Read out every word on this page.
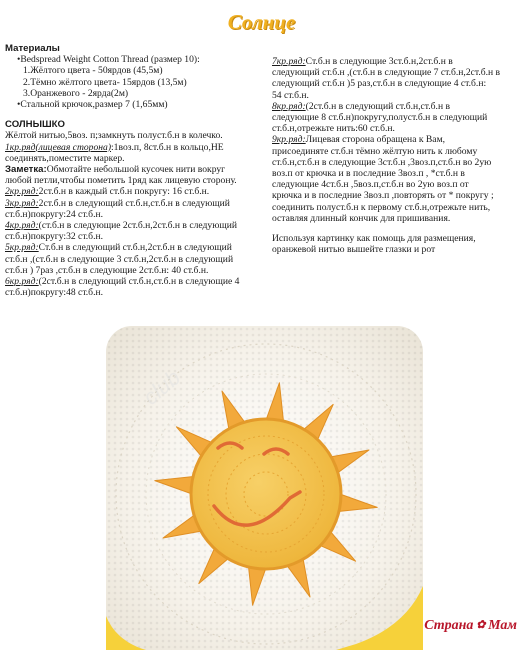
Солнце
Материалы
•Bedspread Weight Cotton Thread (размер 10):
1.Жёлтого цвета - 50ярдов (45,5м)
2.Тёмно жёлтого цвета- 15ярдов (13,5м)
3.Оранжевого - 2ярда(2м)
•Стальной крючок,размер 7 (1,65мм)
СОЛНЫШКО
Жёлтой нитью,5воз. п;замкнуть полуст.б.н в колечко.
1кр.ряд(лицевая сторона):1воз.п, 8ст.б.н в кольцо,НЕ
соединять,поместите маркер.
Заметка:Обмотайте небольшой кусочек нити вокруг
любой петли,чтобы пометить 1ряд как лицевую сторону.
2кр.ряд:2ст.б.н в каждый ст.б.н покругу: 16 ст.б.н.
3кр.ряд:2ст.б.н в следующий ст.б.н,ст.б.н в следующий
ст.б.н)покругу:24 ст.б.н.
4кр.ряд:(ст.б.н в следующие 2ст.б.н,2ст.б.н в следующий
ст.б.н)покругу:32 ст.б.н.
5кр.ряд:Ст.б.н в следующий ст.б.н,2ст.б.н в следующий
ст.б.н ,(ст.б.н в следующие 3 ст.б.н,2ст.б.н в следующий
ст.б.н ) 7раз ,ст.б.н в следующие 2ст.б.н: 40 ст.б.н.
6кр.ряд:(2ст.б.н в следующий ст.б.н,ст.б.н в следующие 4
ст.б.н)покругу:48 ст.б.н.
7кр.ряд:Ст.б.н в следующие 3ст.б.н,2ст.б.н в
следующий ст.б.н ,(ст.б.н в следующие 7 ст.б.н,2ст.б.н в
следующий ст.б.н )5 раз,ст.б.н в следующие 4 ст.б.н:
54 ст.б.н.
8кр.ряд:(2ст.б.н в следующий ст.б.н,ст.б.н в
следующие 8 ст.б.н)покругу,полуст.б.н в следующий
ст.б.н,отрежьте нить:60 ст.б.н.
9кр.ряд:Лицевая сторона обращена к Вам,
присоединяте ст.б.н тёмно жёлтую нить к любому
ст.б.н,ст.б.н в следующие 3ст.б.н ,3воз.п,ст.б.н во 2ую
воз.п от крючка и в последние 3воз.п , *ст.б.н в
следующие 4ст.б.н ,5воз.п,ст.б.н во 2ую воз.п от
крючка и в последние 3воз.п ,повторять от * покругу ;
соединить полуст.б.н к первому ст.б.н,отрежьте нить,
оставляя длинный кончик для пришивания.
Используя картинку как помощь для размещения,
оранжевой нитью вышейте глазки и рот
club
Страна ✿ Мам
